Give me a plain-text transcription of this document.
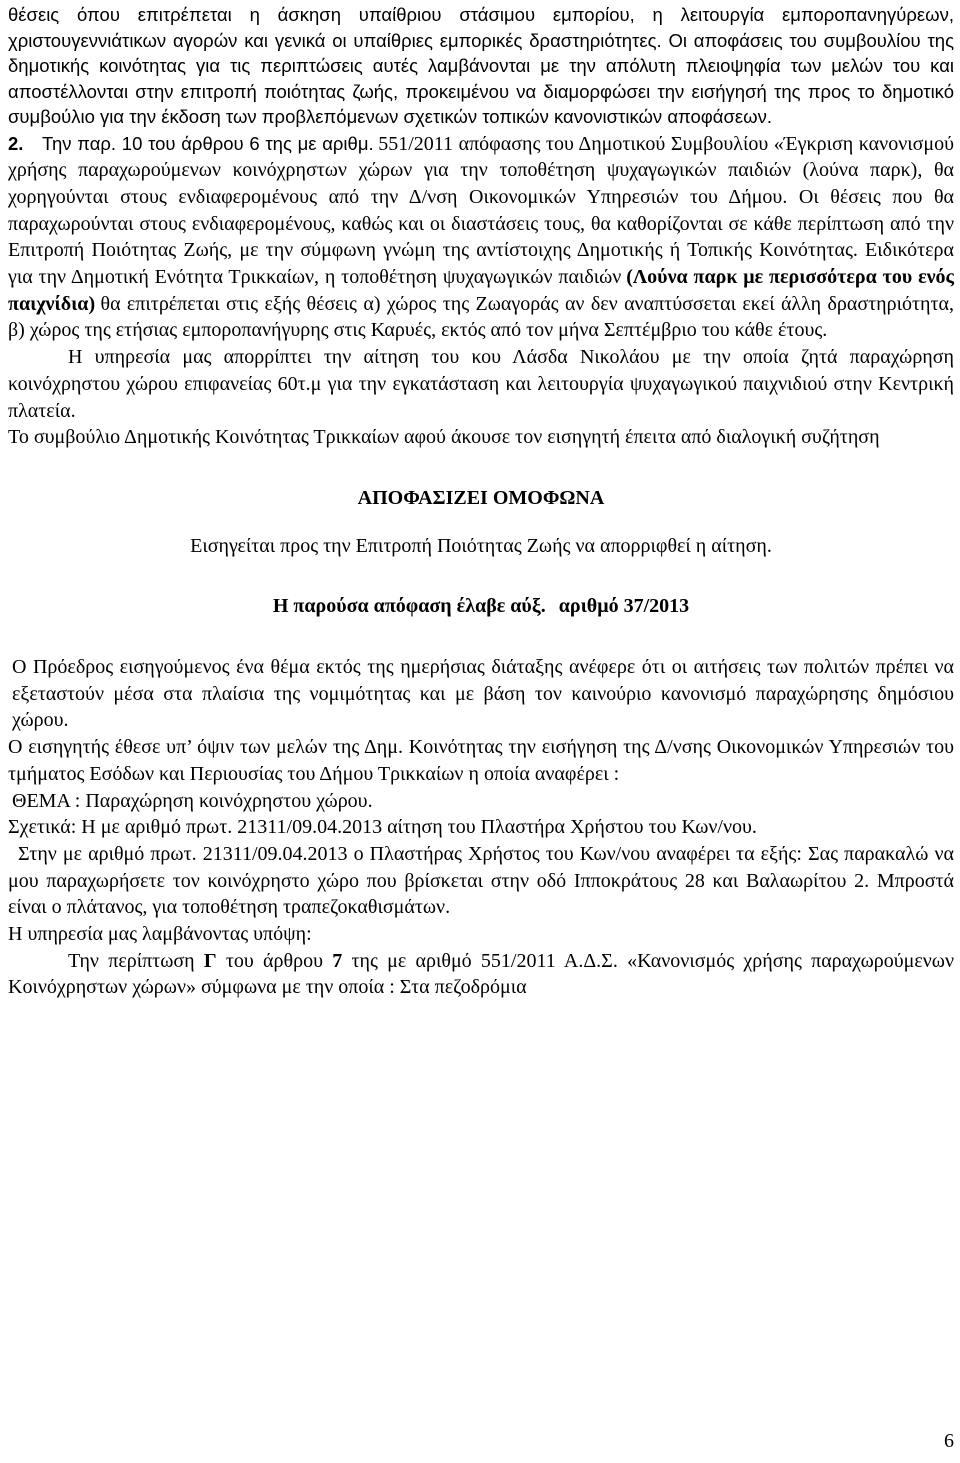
θέσεις όπου επιτρέπεται η άσκηση υπαίθριου στάσιμου εμπορίου, η λειτουργία εμποροπανηγύρεων, χριστουγεννιάτικων αγορών και γενικά οι υπαίθριες εμπορικές δραστηριότητες. Οι αποφάσεις του συμβουλίου της δημοτικής κοινότητας για τις περιπτώσεις αυτές λαμβάνονται με την απόλυτη πλειοψηφία των μελών του και αποστέλλονται στην επιτροπή ποιότητας ζωής, προκειμένου να διαμορφώσει την εισήγησή της προς το δημοτικό συμβούλιο για την έκδοση των προβλεπόμενων σχετικών τοπικών κανονιστικών αποφάσεων.

2. Την παρ. 10 του άρθρου 6 της με αριθμ. 551/2011 απόφασης του Δημοτικού Συμβουλίου «Έγκριση κανονισμού χρήσης παραχωρούμενων κοινόχρηστων χώρων για την τοποθέτηση ψυχαγωγικών παιδιών (λούνα παρκ), θα χορηγούνται στους ενδιαφερομένους από την Δ/νση Οικονομικών Υπηρεσιών του Δήμου. Οι θέσεις που θα παραχωρούνται στους ενδιαφερομένους, καθώς και οι διαστάσεις τους, θα καθορίζονται σε κάθε περίπτωση από την Επιτροπή Ποιότητας Ζωής, με την σύμφωνη γνώμη της αντίστοιχης Δημοτικής ή Τοπικής Κοινότητας. Ειδικότερα για την Δημοτική Ενότητα Τρικκαίων, η τοποθέτηση ψυχαγωγικών παιδιών (Λούνα παρκ με περισσότερα του ενός παιχνίδια) θα επιτρέπεται στις εξής θέσεις α) χώρος της Ζωαγοράς αν δεν αναπτύσσεται εκεί άλλη δραστηριότητα, β) χώρος της ετήσιας εμποροπανήγυρης στις Καρυές, εκτός από τον μήνα Σεπτέμβριο του κάθε έτους.

Η υπηρεσία μας απορρίπτει την αίτηση του κου Λάσδα Νικολάου με την οποία ζητά παραχώρηση κοινόχρηστου χώρου επιφανείας 60τ.μ για την εγκατάσταση και λειτουργία ψυχαγωγικού παιχνιδιού στην Κεντρική πλατεία.

Το συμβούλιο Δημοτικής Κοινότητας Τρικκαίων αφού άκουσε τον εισηγητή έπειτα από διαλογική συζήτηση

ΑΠΟΦΑΣΙΖΕΙ ΟΜΟΦΩΝΑ

Εισηγείται προς την Επιτροπή Ποιότητας Ζωής να απορριφθεί η αίτηση.

Η παρούσα απόφαση έλαβε αύξ. αριθμό 37/2013

Ο Πρόεδρος εισηγούμενος ένα θέμα εκτός της ημερήσιας διάταξης ανέφερε ότι οι αιτήσεις των πολιτών πρέπει να εξεταστούν μέσα στα πλαίσια της νομιμότητας και με βάση τον καινούριο κανονισμό παραχώρησης δημόσιου χώρου.

Ο εισηγητής έθεσε υπ’ όψιν των μελών της Δημ. Κοινότητας την εισήγηση της Δ/νσης Οικονομικών Υπηρεσιών του τμήματος Εσόδων και Περιουσίας του Δήμου Τρικκαίων η οποία αναφέρει :

ΘΕΜΑ : Παραχώρηση κοινόχρηστου χώρου.

Σχετικά: Η με αριθμό πρωτ. 21311/09.04.2013 αίτηση του Πλαστήρα Χρήστου του Κων/νου.

Στην με αριθμό πρωτ. 21311/09.04.2013 ο Πλαστήρας Χρήστος του Κων/νου αναφέρει τα εξής: Σας παρακαλώ να μου παραχωρήσετε τον κοινόχρηστο χώρο που βρίσκεται στην οδό Ιπποκράτους 28 και Βαλαωρίτου 2. Μπροστά είναι ο πλάτανος, για τοποθέτηση τραπεζοκαθισμάτων.

Η υπηρεσία μας λαμβάνοντας υπόψη:

Την περίπτωση Γ του άρθρου 7 της με αριθμό 551/2011 Α.Δ.Σ. «Κανονισμός χρήσης παραχωρούμενων Κοινόχρηστων χώρων» σύμφωνα με την οποία : Στα πεζοδρόμια

6
